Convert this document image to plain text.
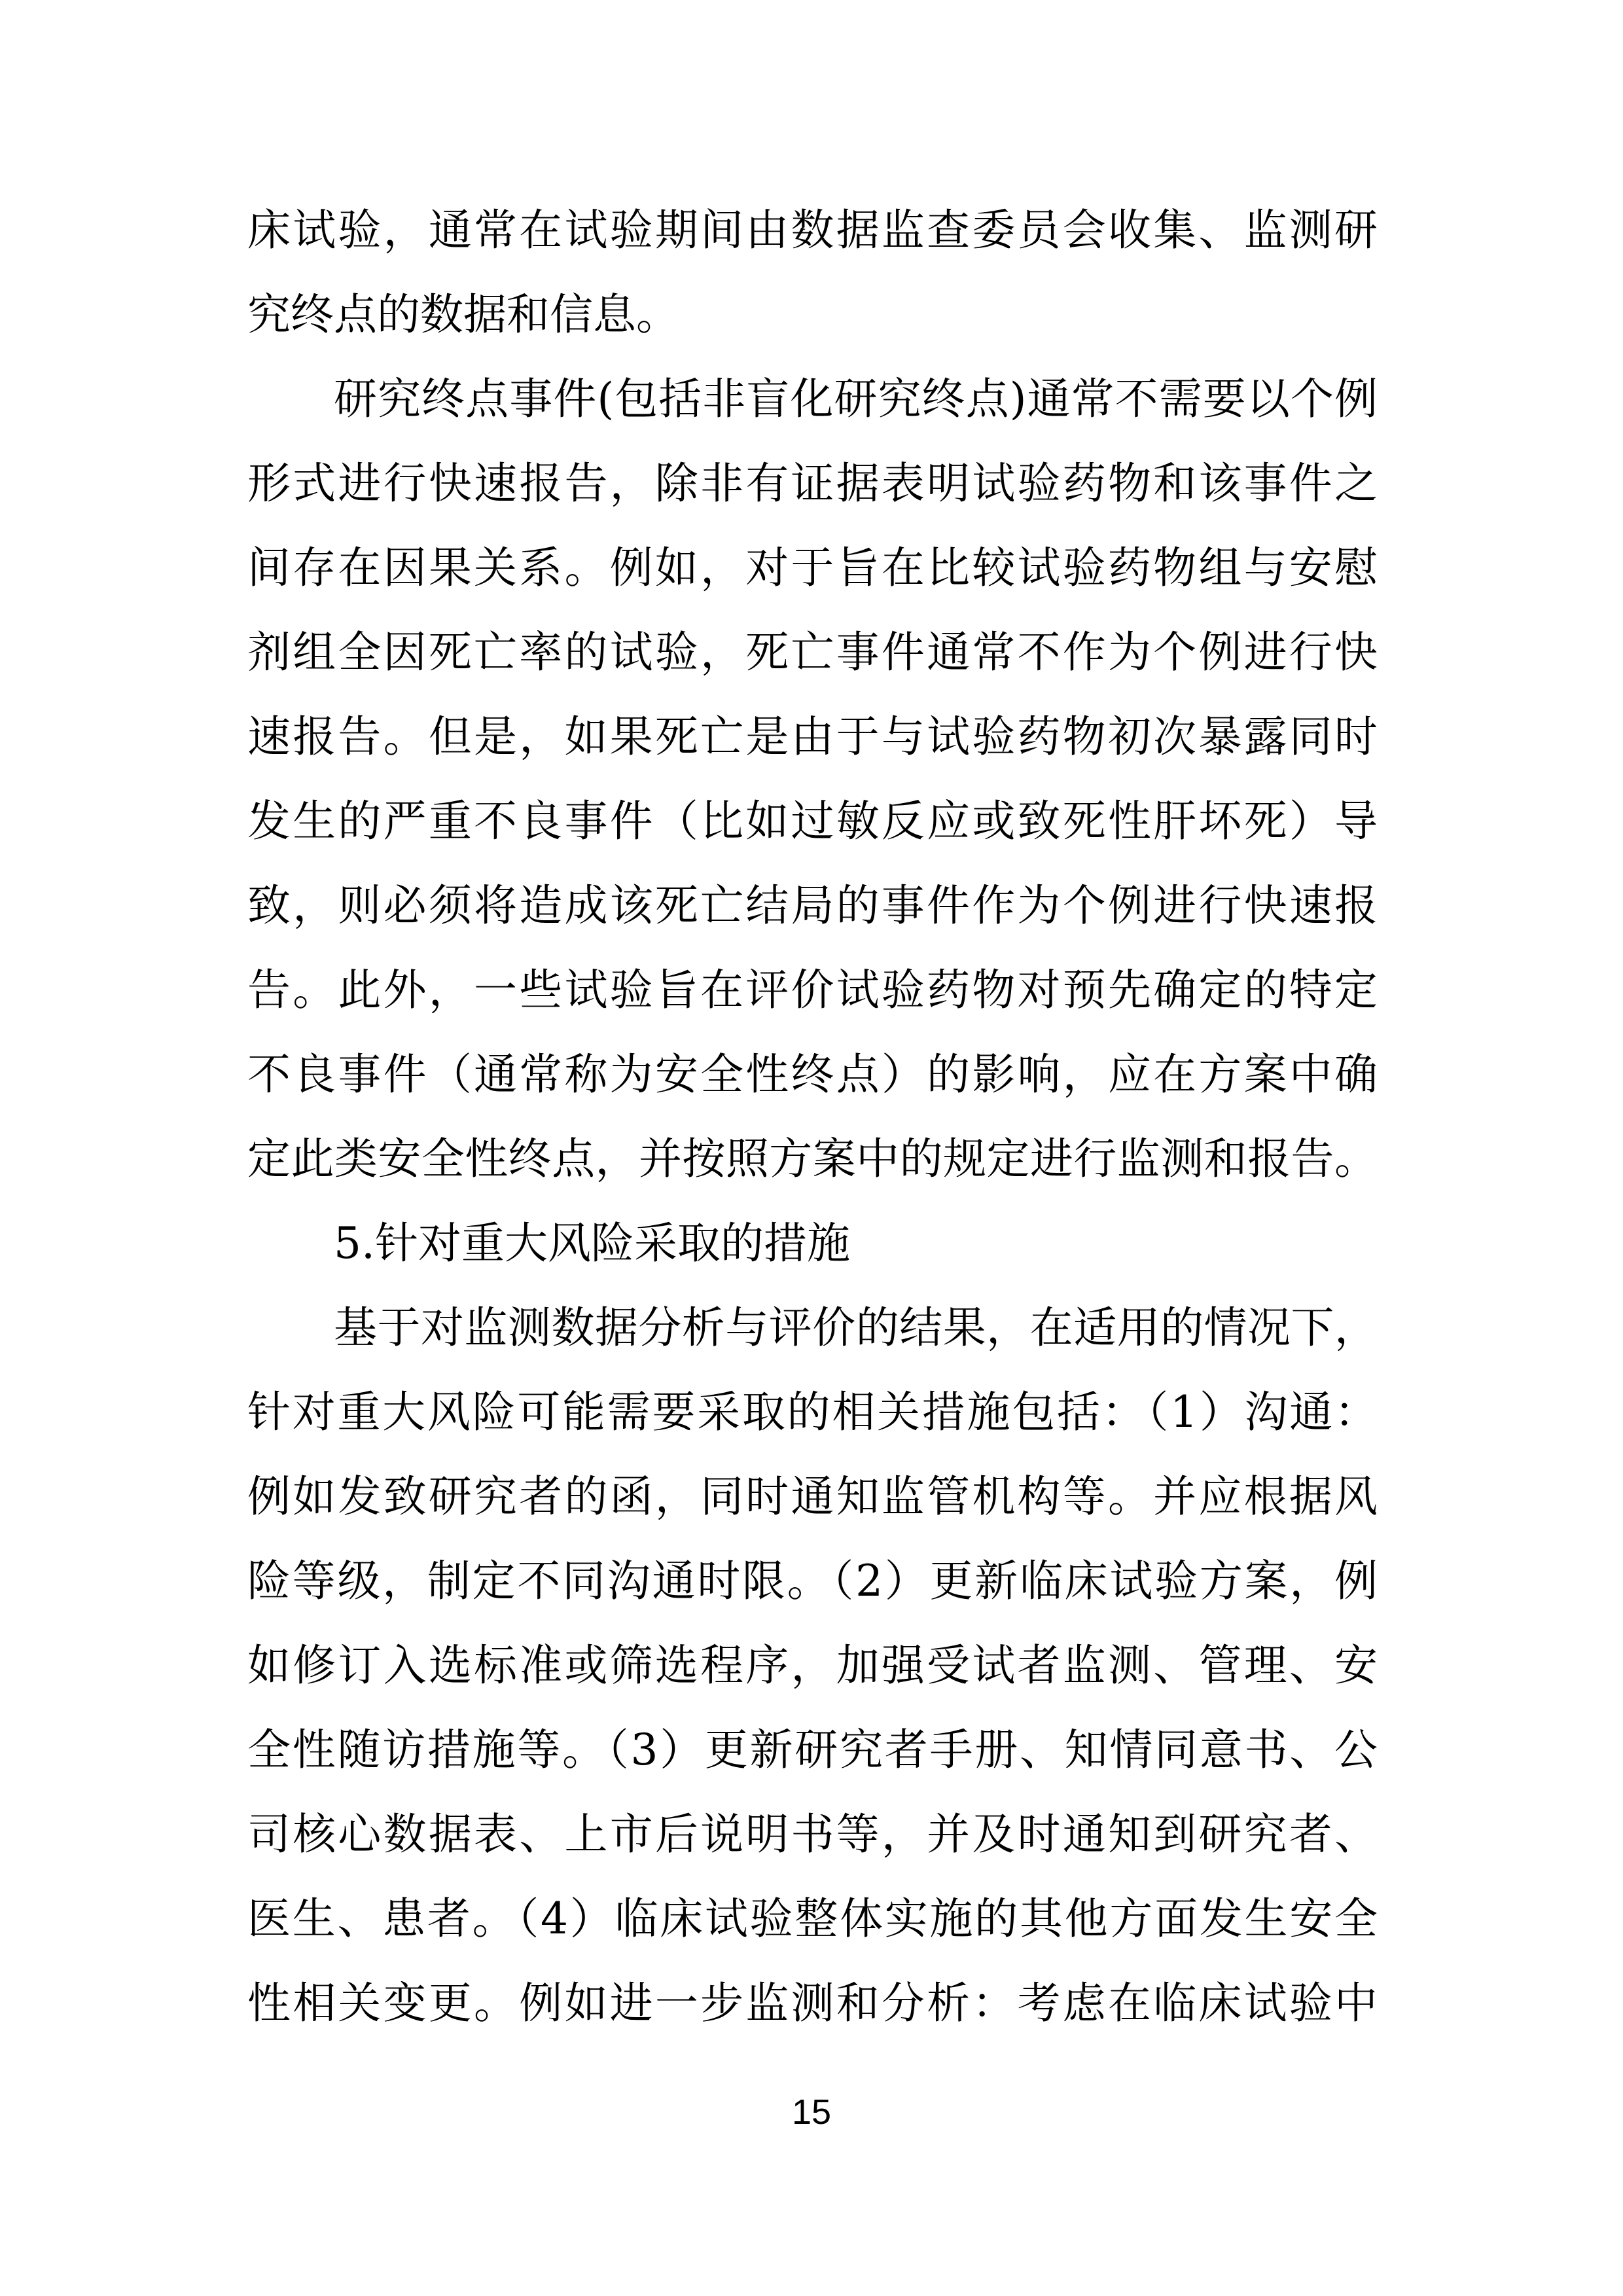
床试验，通常在试验期间由数据监查委员会收集、监测研
究终点的数据和信息。
研究终点事件(包括非盲化研究终点)通常不需要以个例
形式进行快速报告，除非有证据表明试验药物和该事件之
间存在因果关系。例如，对于旨在比较试验药物组与安慰
剂组全因死亡率的试验，死亡事件通常不作为个例进行快
速报告。但是，如果死亡是由于与试验药物初次暴露同时
发生的严重不良事件（比如过敏反应或致死性肝坏死）导
致，则必须将造成该死亡结局的事件作为个例进行快速报
告。此外，一些试验旨在评价试验药物对预先确定的特定
不良事件（通常称为安全性终点）的影响，应在方案中确
定此类安全性终点，并按照方案中的规定进行监测和报告。
5.针对重大风险采取的措施
基于对监测数据分析与评价的结果，在适用的情况下，
针对重大风险可能需要采取的相关措施包括：（1）沟通：
例如发致研究者的函，同时通知监管机构等。并应根据风
险等级，制定不同沟通时限。（2）更新临床试验方案，例
如修订入选标准或筛选程序，加强受试者监测、管理、安
全性随访措施等。（3）更新研究者手册、知情同意书、公
司核心数据表、上市后说明书等，并及时通知到研究者、
医生、患者。（4）临床试验整体实施的其他方面发生安全
性相关变更。例如进一步监测和分析：考虑在临床试验中
15
